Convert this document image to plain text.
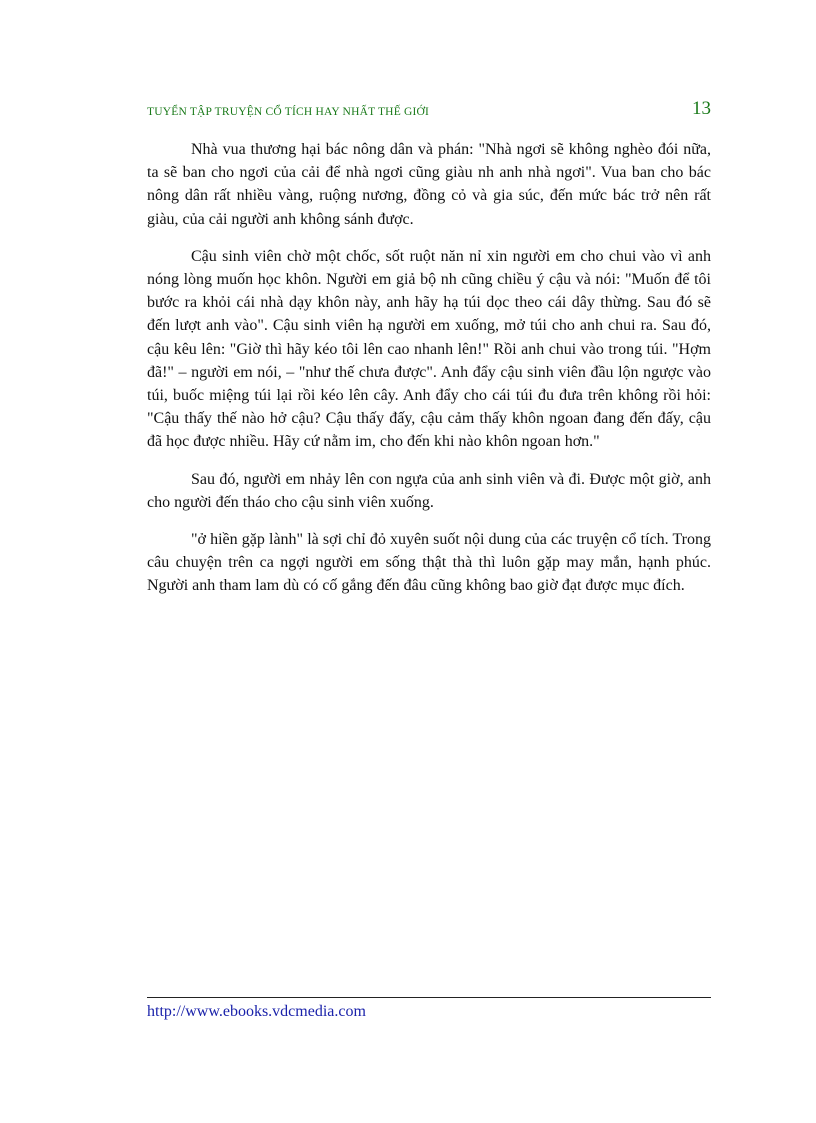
TUYỂN TẬP TRUYỆN CỔ TÍCH HAY NHẤT THẾ GIỚI	13

Nhà vua thương hại bác nông dân và phán: "Nhà ngơi sẽ không nghèo đói nữa, ta sẽ ban cho ngơi của cải để nhà ngơi cũng giàu nh anh nhà ngơi". Vua ban cho bác nông dân rất nhiều vàng, ruộng nương, đồng cỏ và gia súc, đến mức bác trở nên rất giàu, của cải người anh không sánh được.

Cậu sinh viên chờ một chốc, sốt ruột năn nỉ xin người em cho chui vào vì anh nóng lòng muốn học khôn. Người em giả bộ nh cũng chiều ý cậu và nói: "Muốn để tôi bước ra khỏi cái nhà dạy khôn này, anh hãy hạ túi dọc theo cái dây thừng. Sau đó sẽ đến lượt anh vào". Cậu sinh viên hạ người em xuống, mở túi cho anh chui ra. Sau đó, cậu kêu lên: "Giờ thì hãy kéo tôi lên cao nhanh lên!" Rồi anh chui vào trong túi. "Hợm đã!" – người em nói, – "như thế chưa được". Anh đẩy cậu sinh viên đầu lộn ngược vào túi, buốc miệng túi lại rồi kéo lên cây. Anh đẩy cho cái túi đu đưa trên không rồi hỏi: "Cậu thấy thế nào hở cậu? Cậu thấy đấy, cậu cảm thấy khôn ngoan đang đến đấy, cậu đã học được nhiều. Hãy cứ nằm im, cho đến khi nào khôn ngoan hơn."

Sau đó, người em nhảy lên con ngựa của anh sinh viên và đi. Được một giờ, anh cho người đến tháo cho cậu sinh viên xuống.

"ở hiền gặp lành" là sợi chỉ đỏ xuyên suốt nội dung của các truyện cổ tích. Trong câu chuyện trên ca ngợi người em sống thật thà thì luôn gặp may mắn, hạnh phúc. Người anh tham lam dù có cố gắng đến đâu cũng không bao giờ đạt được mục đích.

http://www.ebooks.vdcmedia.com
